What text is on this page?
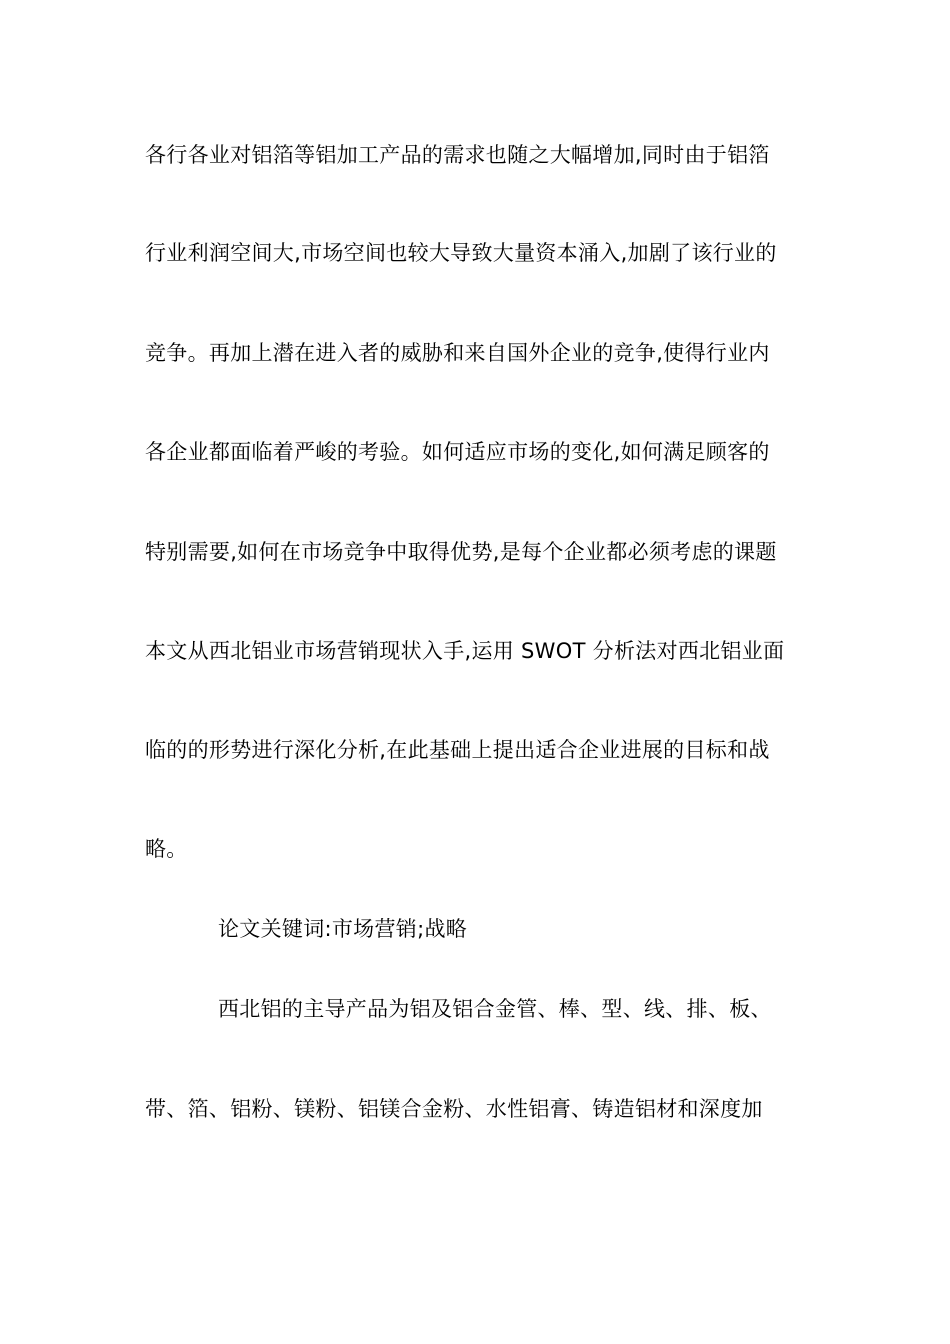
各行各业对铝箔等铝加工产品的需求也随之大幅增加,同时由于铝箔
行业利润空间大,市场空间也较大导致大量资本涌入,加剧了该行业的
竞争。再加上潜在进入者的威胁和来自国外企业的竞争,使得行业内
各企业都面临着严峻的考验。如何适应市场的变化,如何满足顾客的
特别需要,如何在市场竞争中取得优势,是每个企业都必须考虑的课题
本文从西北铝业市场营销现状入手,运用 SWOT 分析法对西北铝业面
临的的形势进行深化分析,在此基础上提出适合企业进展的目标和战
略。
论文关键词:市场营销;战略
西北铝的主导产品为铝及铝合金管、棒、型、线、排、板、
带、箔、铝粉、镁粉、铝镁合金粉、水性铝膏、铸造铝材和深度加
